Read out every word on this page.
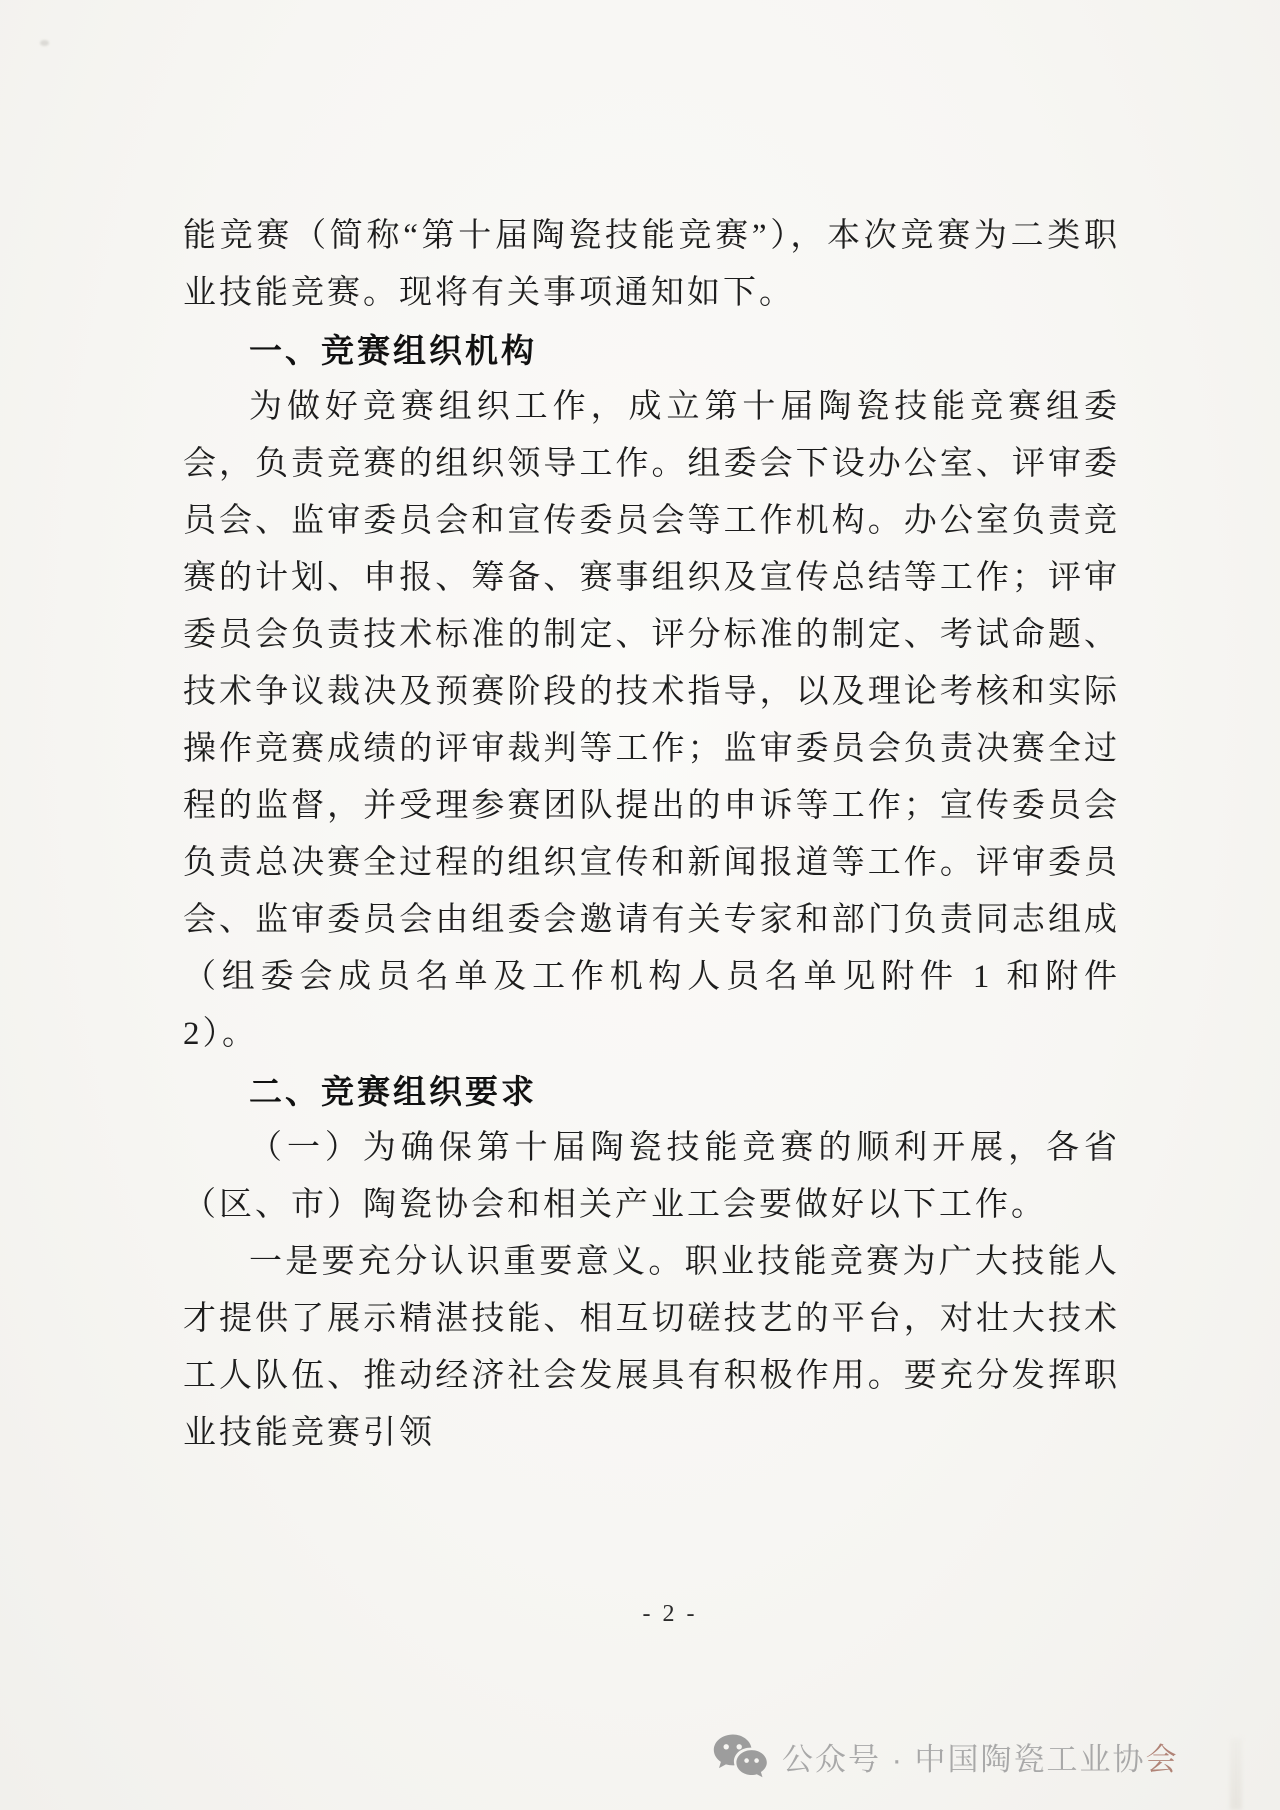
能竞赛（简称“第十届陶瓷技能竞赛”），本次竞赛为二类职业技能竞赛。现将有关事项通知如下。

一、竞赛组织机构

为做好竞赛组织工作，成立第十届陶瓷技能竞赛组委会，负责竞赛的组织领导工作。组委会下设办公室、评审委员会、监审委员会和宣传委员会等工作机构。办公室负责竞赛的计划、申报、筹备、赛事组织及宣传总结等工作；评审委员会负责技术标准的制定、评分标准的制定、考试命题、技术争议裁决及预赛阶段的技术指导，以及理论考核和实际操作竞赛成绩的评审裁判等工作；监审委员会负责决赛全过程的监督，并受理参赛团队提出的申诉等工作；宣传委员会负责总决赛全过程的组织宣传和新闻报道等工作。评审委员会、监审委员会由组委会邀请有关专家和部门负责同志组成（组委会成员名单及工作机构人员名单见附件 1 和附件 2）。

二、竞赛组织要求

（一）为确保第十届陶瓷技能竞赛的顺利开展，各省（区、市）陶瓷协会和相关产业工会要做好以下工作。

一是要充分认识重要意义。职业技能竞赛为广大技能人才提供了展示精湛技能、相互切磋技艺的平台，对壮大技术工人队伍、推动经济社会发展具有积极作用。要充分发挥职业技能竞赛引领

- 2 -
公众号 · 中国陶瓷工业协会
